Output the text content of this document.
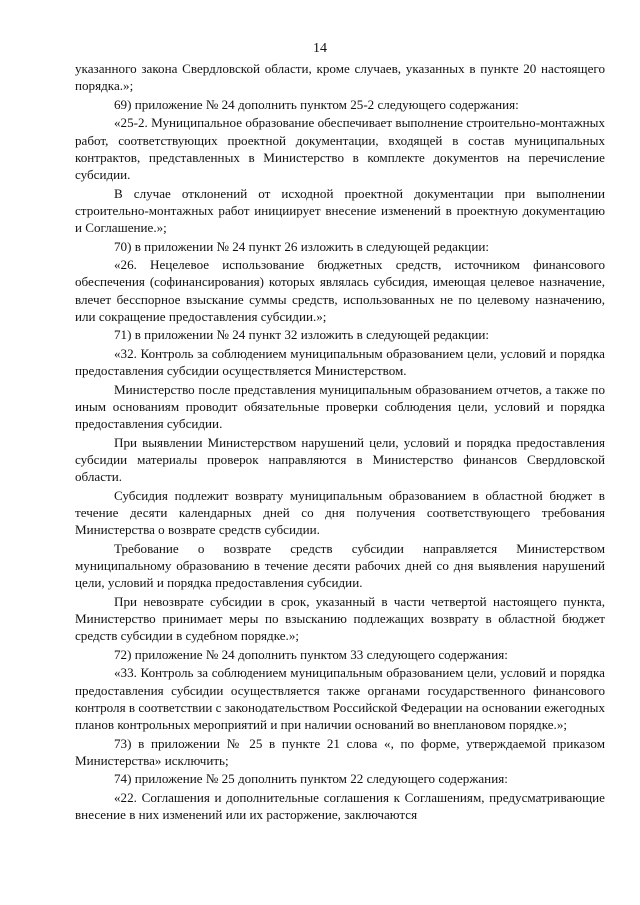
14

указанного закона Свердловской области, кроме случаев, указанных в пункте 20 настоящего порядка.»;

69) приложение № 24 дополнить пунктом 25-2 следующего содержания:

«25-2. Муниципальное образование обеспечивает выполнение строительно-монтажных работ, соответствующих проектной документации, входящей в состав муниципальных контрактов, представленных в Министерство в комплекте документов на перечисление субсидии.

В случае отклонений от исходной проектной документации при выполнении строительно-монтажных работ инициирует внесение изменений в проектную документацию и Соглашение.»;

70) в приложении № 24 пункт 26 изложить в следующей редакции:

«26. Нецелевое использование бюджетных средств, источником финансового обеспечения (софинансирования) которых являлась субсидия, имеющая целевое назначение, влечет бесспорное взыскание суммы средств, использованных не по целевому назначению, или сокращение предоставления субсидии.»;

71) в приложении № 24 пункт 32 изложить в следующей редакции:

«32. Контроль за соблюдением муниципальным образованием цели, условий и порядка предоставления субсидии осуществляется Министерством.

Министерство после представления муниципальным образованием отчетов, а также по иным основаниям проводит обязательные проверки соблюдения цели, условий и порядка предоставления субсидии.

При выявлении Министерством нарушений цели, условий и порядка предоставления субсидии материалы проверок направляются в Министерство финансов Свердловской области.

Субсидия подлежит возврату муниципальным образованием в областной бюджет в течение десяти календарных дней со дня получения соответствующего требования Министерства о возврате средств субсидии.

Требование о возврате средств субсидии направляется Министерством муниципальному образованию в течение десяти рабочих дней со дня выявления нарушений цели, условий и порядка предоставления субсидии.

При невозврате субсидии в срок, указанный в части четвертой настоящего пункта, Министерство принимает меры по взысканию подлежащих возврату в областной бюджет средств субсидии в судебном порядке.»;

72) приложение № 24 дополнить пунктом 33 следующего содержания:

«33. Контроль за соблюдением муниципальным образованием цели, условий и порядка предоставления субсидии осуществляется также органами государственного финансового контроля в соответствии с законодательством Российской Федерации на основании ежегодных планов контрольных мероприятий и при наличии оснований во внеплановом порядке.»;

73) в приложении № 25 в пункте 21 слова «, по форме, утверждаемой приказом Министерства» исключить;

74) приложение № 25 дополнить пунктом 22 следующего содержания:

«22. Соглашения и дополнительные соглашения к Соглашениям, предусматривающие внесение в них изменений или их расторжение, заключаются
